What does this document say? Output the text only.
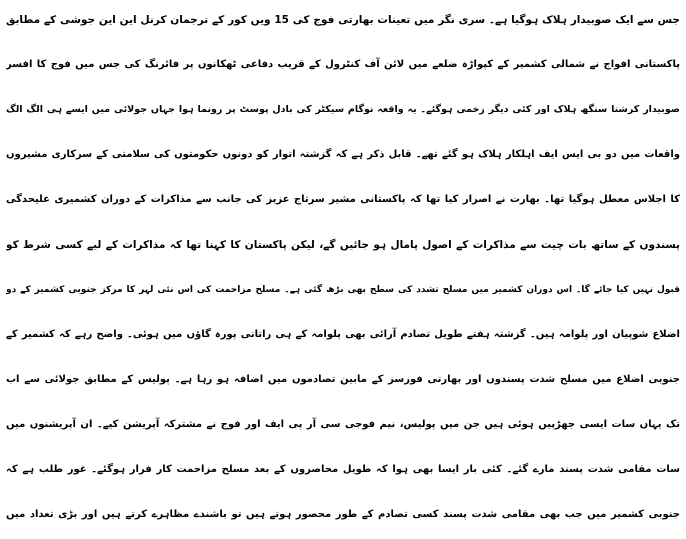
جس سے ایک صوبیدار ہلاک ہوگیا ہے۔ سری نگر میں تعینات بھارتی فوج کی 15 ویں کور کے ترجمان کرنل این این جوشی کے مطابق
پاکستانی افواج نے شمالی کشمیر کے کپواڑہ ضلعے میں لائن آف کنٹرول کے قریب دفاعی ٹھکانوں پر فائرنگ کی جس میں فوج کا افسر
صوبیدار کرشنا سنگھ ہلاک اور کئی دیگر زخمی ہوگئے۔ یہ واقعہ نوگام سیکٹر کی بادل پوسٹ پر رونما ہوا جہاں جولائی میں ایسے ہی الگ الگ
واقعات میں دو بی ایس ایف اہلکار ہلاک ہو گئے تھے۔ قابل ذکر ہے کہ گزشتہ اتوار کو دونوں حکومتوں کی سلامتی کے سرکاری مشیروں
کا اجلاس معطل ہوگیا تھا۔ بھارت نے اصرار کیا تھا کہ پاکستانی مشیر سرتاج عزیز کی جانب سے مذاکرات کے دوران کشمیری علیحدگی
پسندوں کے ساتھ بات چیت سے مذاکرات کے اصول پامال ہو جائیں گے، لیکن پاکستان کا کہنا تھا کہ مذاکرات کے لیے کسی شرط کو
قبول نہیں کیا جائے گا۔ اس دوران کشمیر میں مسلح تشدد کی سطح بھی بڑھ گئی ہے۔ مسلح مزاحمت کی اس نئی لہر کا مرکز جنوبی کشمیر کے دو
اضلاع شوپیان اور پلوامہ ہیں۔ گزشتہ ہفتے طویل تصادم آرائی بھی پلوامہ کے ہی راتانی پورہ گاؤں میں ہوئی۔ واضح رہے کہ کشمیر کے
جنوبی اضلاع میں مسلح شدت پسندوں اور بھارتی فورسز کے مابین تصادموں میں اضافہ ہو رہا ہے۔ پولیس کے مطابق جولائی سے اب
تک یہاں سات ایسی جھڑپیں ہوئی ہیں جن میں پولیس، نیم فوجی سی آر پی ایف اور فوج نے مشترکہ آپریشن کیے۔ ان آپریشنوں میں
سات مقامی شدت پسند مارے گئے۔ کئی بار ایسا بھی ہوا کہ طویل محاصروں کے بعد مسلح مزاحمت کار فرار ہوگئے۔ غور طلب ہے کہ
جنوبی کشمیر میں جب بھی مقامی شدت پسند کسی تصادم کے طور محصور ہوتے ہیں تو باشندے مظاہرے کرتے ہیں اور بڑی تعداد میں
